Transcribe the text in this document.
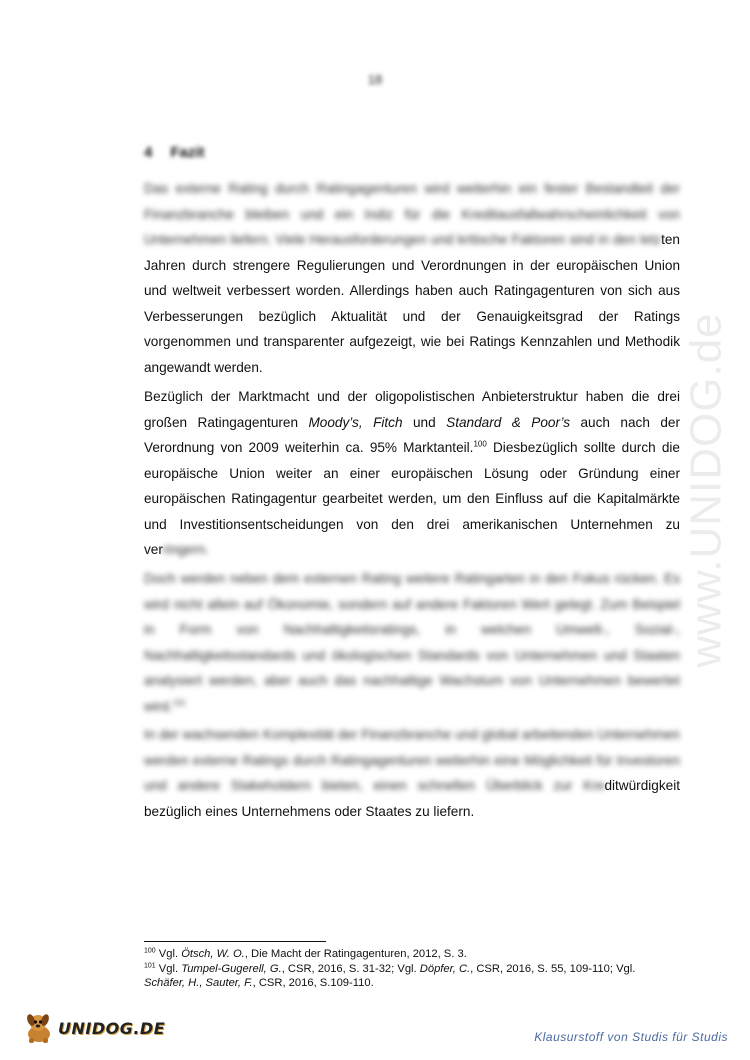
www.UNIDOG.de
18
4 Fazit
Das externe Rating durch Ratingagenturen wird weiterhin ein fester Bestandteil der Finanzbranche bleiben und ein Indiz für die Kreditausfallwahrscheinlichkeit von Unternehmen liefern. Viele Herausforderungen und kritische Faktoren sind in den letzten Jahren durch strengere Regulierungen und Verordnungen in der europäischen Union und weltweit verbessert worden. Allerdings haben auch Ratingagenturen von sich aus Verbesserungen bezüglich Aktualität und der Genauigkeitsgrad der Ratings vorgenommen und transparenter aufgezeigt, wie bei Ratings Kennzahlen und Methodik angewandt werden.
Bezüglich der Marktmacht und der oligopolistischen Anbieterstruktur haben die drei großen Ratingagenturen Moody’s, Fitch und Standard & Poor’s auch nach der Verordnung von 2009 weiterhin ca. 95% Marktanteil.$^{100}$ Diesbezüglich sollte durch die europäische Union weiter an einer europäischen Lösung oder Gründung einer europäischen Ratingagentur gearbeitet werden, um den Einfluss auf die Kapitalmärkte und Investitionsentscheidungen von den drei amerikanischen Unternehmen zu verringern.
Doch werden neben dem externen Rating weitere Ratingarten in den Fokus rücken. Es wird nicht allein auf Ökonomie, sondern auf andere Faktoren Wert gelegt. Zum Beispiel in Form von Nachhaltigkeitsratings, in welchen Umwelt-, Sozial-, Nachhaltigkeitsstandards und ökologischen Standards von Unternehmen und Staaten analysiert werden, aber auch das nachhaltige Wachstum von Unternehmen bewertet wird.$^{101}$
In der wachsenden Komplexität der Finanzbranche und global arbeitenden Unternehmen werden externe Ratings durch Ratingagenturen weiterhin eine Möglichkeit für Investoren und andere Stakeholdern bieten, einen schnellen Überblick zur Kreditwürdigkeit bezüglich eines Unternehmens oder Staates zu liefern.
$^{100}$ Vgl. Ötsch, W. O., Die Macht der Ratingagenturen, 2012, S. 3.
$^{101}$ Vgl. Tumpel-Gugerell, G., CSR, 2016, S. 31-32; Vgl. Döpfer, C., CSR, 2016, S. 55, 109-110; Vgl.
Schäfer, H., Sauter, F., CSR, 2016, S.109-110.
UNIDOG.DE	Klausurstoff von Studis für Studis
